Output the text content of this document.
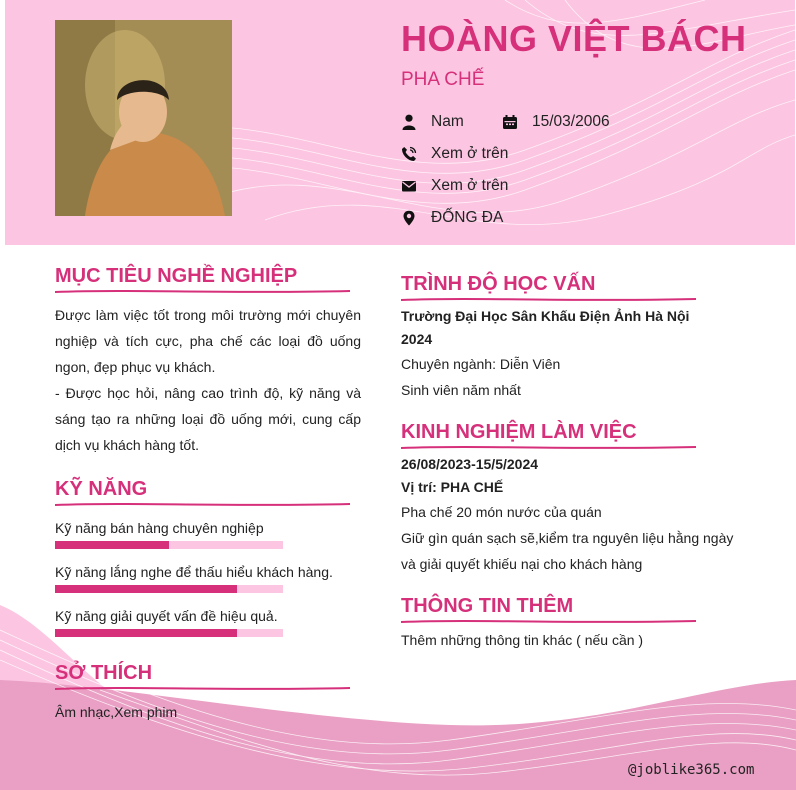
HOÀNG VIỆT BÁCH
PHA CHẾ
Nam	15/03/2006
Xem ở trên
Xem ở trên
ĐỐNG ĐA
MỤC TIÊU NGHỀ NGHIỆP
Được làm việc tốt trong môi trường mới chuyên nghiệp và tích cực, pha chế các loại đồ uống ngon, đẹp phục vụ khách.
- Được học hỏi, nâng cao trình độ, kỹ năng và sáng tạo ra những loại đồ uống mới, cung cấp dịch vụ khách hàng tốt.
KỸ NĂNG
Kỹ năng bán hàng chuyên nghiệp
Kỹ năng lắng nghe để thấu hiểu khách hàng.
Kỹ năng giải quyết vấn đề hiệu quả.
SỞ THÍCH
Âm nhạc,Xem phim
TRÌNH ĐỘ HỌC VẤN
Trường Đại Học Sân Khấu Điện Ảnh Hà Nội
2024
Chuyên ngành: Diễn Viên
Sinh viên năm nhất
KINH NGHIỆM LÀM VIỆC
26/08/2023-15/5/2024
Vị trí: PHA CHẾ
Pha chế 20 món nước của quán
Giữ gìn quán sạch sẽ,kiểm tra nguyên liệu hằng ngày
và giải quyết khiếu nại cho khách hàng
THÔNG TIN THÊM
Thêm những thông tin khác ( nếu cần )
@joblike365.com
